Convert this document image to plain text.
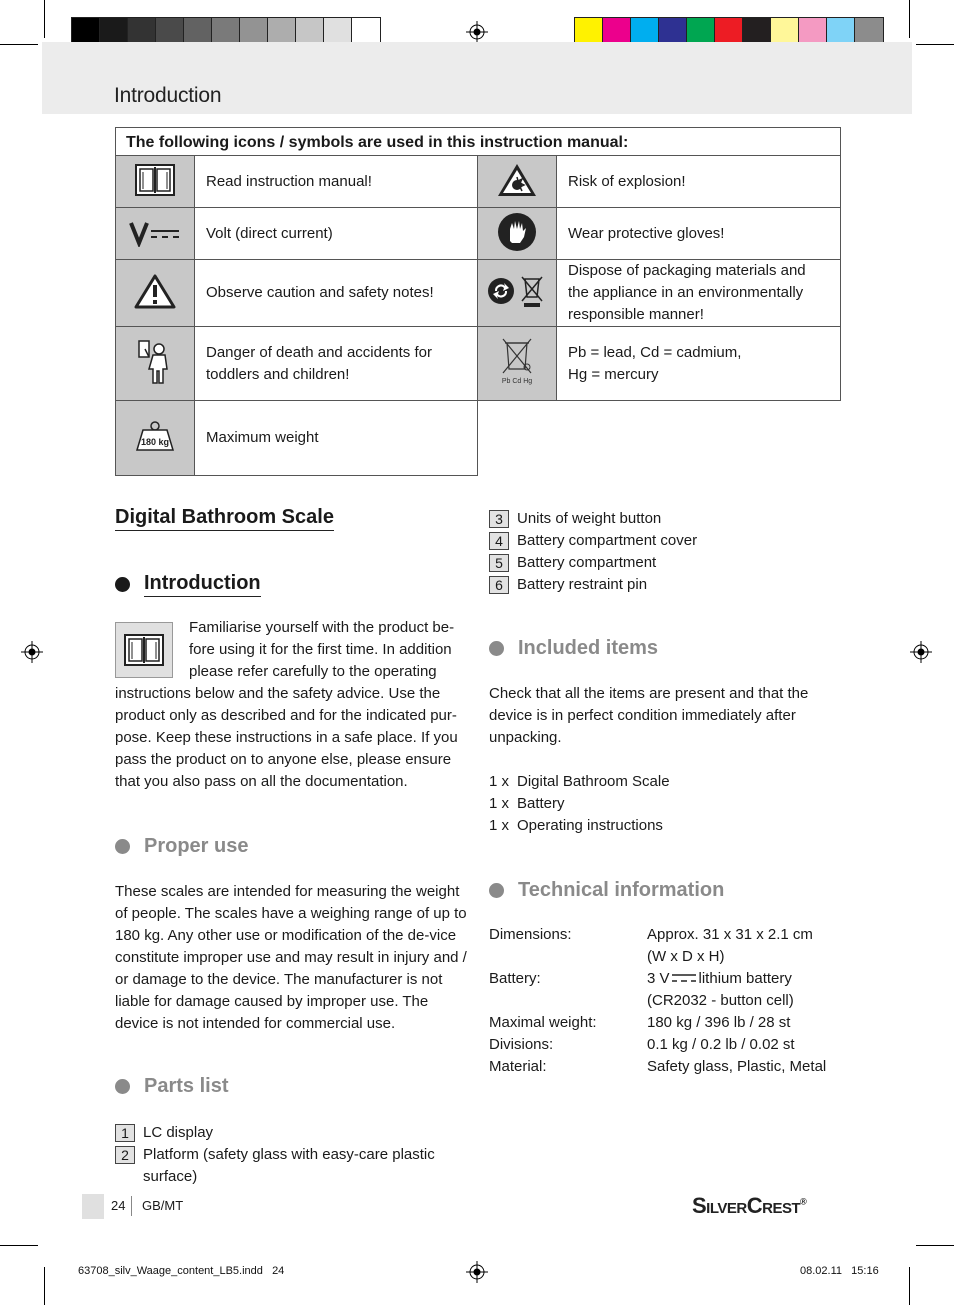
Introduction
The following icons / symbols are used in this instruction manual:			
	Read instruction manual!		Risk of explosion!
	Volt (direct current)		Wear protective gloves!
	Observe caution and safety notes!		Dispose of packaging materials and the appliance in an environmentally responsible manner!
	Danger of death and accidents for toddlers and children!	Pb Cd Hg	Pb = lead, Cd = cadmium,
Hg = mercury

180 kg	Maximum weight		
Digital Bathroom Scale
Introduction
Familiarise yourself with the product be-
fore using it for the first time. In addition
please refer carefully to the operating
instructions below and the safety advice. Use the product only as described and for the indicated pur-pose. Keep these instructions in a safe place. If you pass the product on to anyone else, please ensure that you also pass on all the documentation.
Proper use
These scales are intended for measuring the weight of people. The scales have a weighing range of up to 180 kg. Any other use or modification of the de-vice constitute improper use and may result in injury and / or damage to the device. The manufacturer is not liable for damage caused by improper use. The device is not intended for commercial use.
Parts list
1 LC display
2 Platform (safety glass with easy-care plastic surface)
3 Units of weight button
4 Battery compartment cover
5 Battery compartment
6 Battery restraint pin
Included items
Check that all the items are present and that the device is in perfect condition immediately after unpacking.
1 x Digital Bathroom Scale
1 x Battery
1 x Operating instructions
Technical information
Dimensions:	Approx. 31 x 31 x 2.1 cm
(W x D x H)
Battery:	3 V lithium battery
(CR2032 - button cell)
Maximal weight:	180 kg / 396 lb / 28 st
Divisions:	0.1 kg / 0.2 lb / 0.02 st
Material:	Safety glass, Plastic, Metal
24 GB/MT	SilverCrest®
63708_silv_Waage_content_LB5.indd   24	08.02.11   15:16
